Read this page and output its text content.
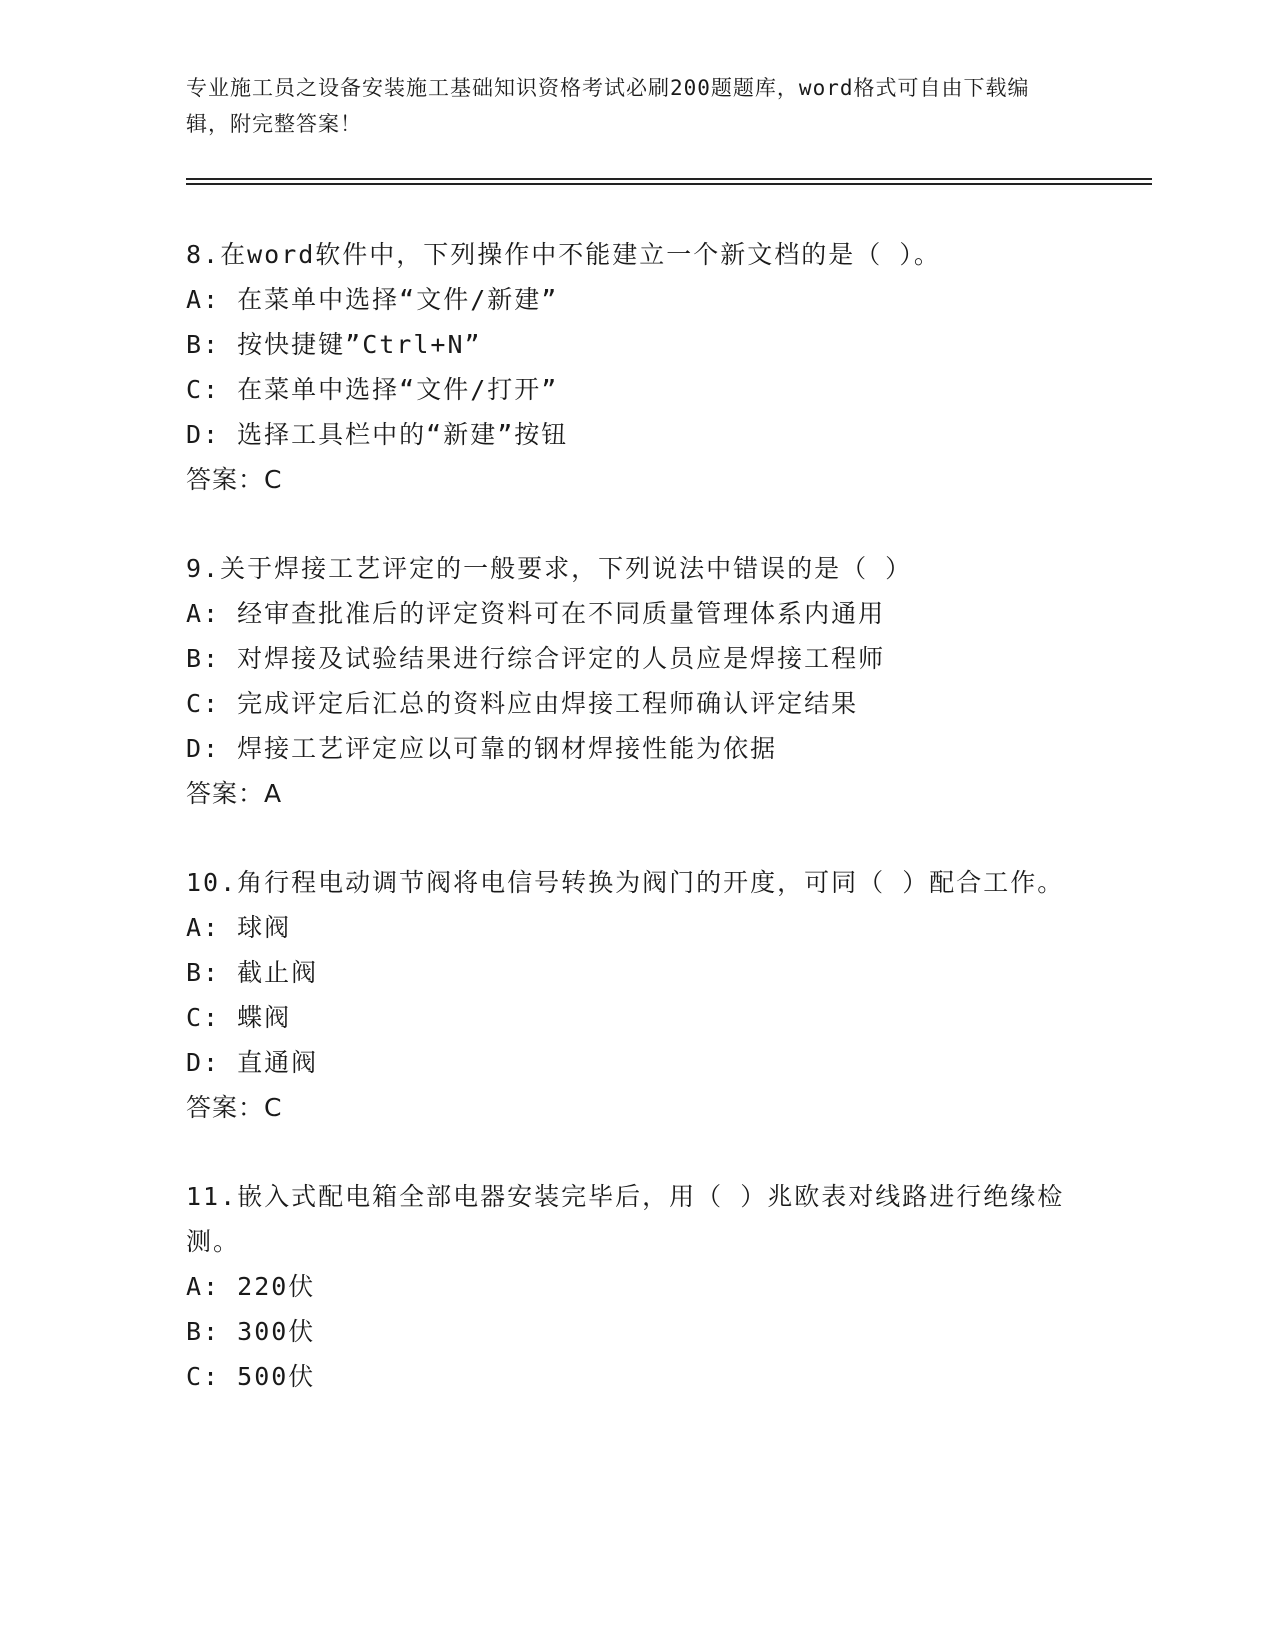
专业施工员之设备安装施工基础知识资格考试必刷200题题库，word格式可自由下载编辑，附完整答案！
8.在word软件中，下列操作中不能建立一个新文档的是（ ）。
A: 在菜单中选择“文件/新建”
B: 按快捷键”Ctrl+N”
C: 在菜单中选择“文件/打开”
D: 选择工具栏中的“新建”按钮
答案：C
9.关于焊接工艺评定的一般要求，下列说法中错误的是（ ）
A: 经审查批准后的评定资料可在不同质量管理体系内通用
B: 对焊接及试验结果进行综合评定的人员应是焊接工程师
C: 完成评定后汇总的资料应由焊接工程师确认评定结果
D: 焊接工艺评定应以可靠的钢材焊接性能为依据
答案：A
10.角行程电动调节阀将电信号转换为阀门的开度，可同（ ）配合工作。
A: 球阀
B: 截止阀
C: 蝶阀
D: 直通阀
答案：C
11.嵌入式配电箱全部电器安装完毕后，用（ ）兆欧表对线路进行绝缘检测。
A: 220伏
B: 300伏
C: 500伏
